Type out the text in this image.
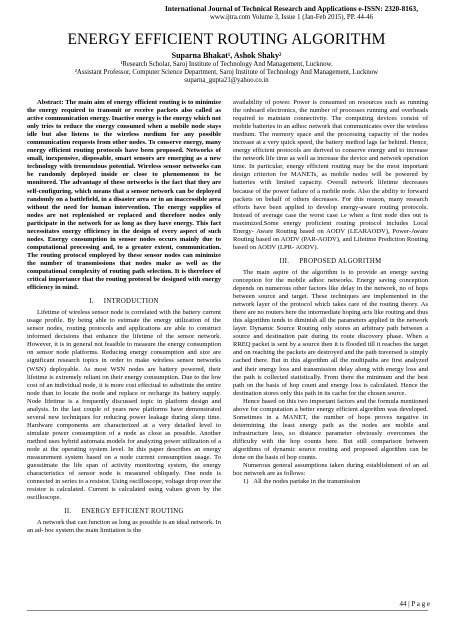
International Journal of Technical Research and Applications e-ISSN: 2320-8163,
www.ijtra.com Volume 3, Issue 1 (Jan-Feb 2015), PP. 44-46
ENERGY EFFICIENT ROUTING ALGORITHM
Suparna Bhakat¹, Ashok Shaky²
¹Research Scholar, Saroj Institute of Technology And Management, Lucknow.
²Assistant Professor, Computer Science Department, Saroj Institute of Technology And Management, Lucknow
suparna_gupta21@yahoo.co.in

Abstract: The main aim of energy efficient routing is to minimize the energy required to transmit or receive packets also called as active communication energy. Inactive energy is the energy which not only tries to reduce the energy consumed when a mobile node stays idle but also listens to the wireless medium for any possible communication requests from other nodes. To conserve energy, many energy efficient routing protocols have been proposed. Networks of small, inexpensive, disposable, smart sensors are emerging as a new technology with tremendous potential. Wireless sensor networks can be randomly deployed inside or close to phenomenon to be monitored. The advantage of these networks is the fact that they are self-configuring, which means that a sensor network can be deployed randomly on a battlefield, in a disaster area or in an inaccessible area without the need for human intervention. The energy supplies of nodes are not replenished or replaced and therefore nodes only participate in the network for as long as they have energy. This fact necessitates energy efficiency in the design of every aspect of such nodes. Energy consumption in sensor nodes occurs mainly due to computational processing and, to a greater extent, communication. The routing protocol employed by these sensor nodes can minimize the number of transmissions that nodes make as well as the computational complexity of routing path selection. It is therefore of critical importance that the routing protocol be designed with energy efficiency in mind.

I.     INTRODUCTION

Lifetime of wireless sensor node is correlated with the battery current usage profile. By being able to estimate the energy utilization of the sensor nodes, routing protocols and applications are able to construct informed decisions that enhance the lifetime of the sensor network. However, it is in general not feasible to measure the energy consumption on sensor node platforms. Reducing energy consumption and size are significant research topics in order to make wireless sensor networks (WSN) deployable. As most WSN nodes are battery powered, their lifetime is extremely reliant on their energy consumption. Due to the low cost of an individual node, it is more cost effectual to substitute the entire node than to locate the node and replace or recharge its battery supply. Node lifetime is a frequently discussed topic in platform design and analysis. In the last couple of years new platforms have demonstrated several new techniques for reducing power leakage during sleep time. Hardware components are characterized at a very detailed level to simulate power consumption of a node as close as possible. Another method uses hybrid automata models for analyzing power utilization of a node at the operating system level. In this paper describes an energy measurement system based on a node current consumption usage. To guesstimate the life span of activity monitoring system, the energy characteristics of sensor node is measured obliquely. One node is connected in series to a resistor. Using oscilloscope, voltage drop over the resistor is calculated. Current is calculated using values given by the oscilloscope.

II.     ENERGY EFFICIENT ROUTING

A network that can function as long as possible is an ideal network. In an ad- hoc system the main limitation is the

availability of power. Power is consumed on resources such as running the onboard electronics, the number of processes running and overheads required to maintain connectivity. The computing devices consist of mobile batteries in an adhoc network that communicates over the wireless medium. The memory space and the processing capacity of the nodes increase at a very quick speed, the battery method lags far behind. Hence, energy efficient protocols are derived to conserve energy and to increase the network life time as well as increase the device and network operation time. In particular, energy efficient routing may be the most important design criterion for MANETs, as mobile nodes will be powered by batteries with limited capacity. Overall network lifetime decreases because of the power failure of a mobile node. Also the ability to forward packets on behalf of others decreases. For this reason, many research efforts have been applied to develop energy-aware routing protocols. Instead of average case the worst case i.e when a first node dies out is maximized.Some energy proficient routing protocol includes Local Energy- Aware Routing based on AODV (LEARAODV), Power-Aware Routing based on AODV (PAR-AODV), and Lifetime Prediction Routing based on AODV (LPR- AODV).

III.     PROPOSED ALGORITHM

The main aspire of the algorithm is to provide an energy saving conception for the mobile adhoc networks. Energy saving conception depends on numerous other factors like delay in the network, no of hops between source and target. These techniques are implemented in the network layer of the protocol which takes care of the routing theory. As there are no routers here the intermediate hoping acts like routing and thus this algorithm tends to diminish all the parameters applied in the network layer. Dynamic Source Routing only stores an arbitrary path between a source and destination pair during its route discovery phase. When a RREQ packet is sent by a source then it is flooded till it reaches the target and on reaching the packets are destroyed and the path traversed is simply cached there. But in this algorithm all the multipaths are first analyzed and their energy loss and transmission delay along with energy loss and the path is collected statistically. From there the minimum and the best path on the basis of hop count and energy loss is calculated. Hence the destination stores only this path in its cache for the chosen source.

Hence based on this two important factors and the formula mentioned above for computation a better energy efficient algorithm was developed. Sometimes in a MANET, the number of hops proves negative in determining the least energy path as the nodes are mobile and infrastructure less, so distance parameter obviously overcomes the difficulty with the hop counts here. But still comparison between algorithms of dynamic source routing and proposed algorithm can be done on the basis of hop counts.

Numerous general assumptions taken during establishment of an ad hoc network are as follows:

1)   All the nodes partake in the transmission

44 | P a g e
